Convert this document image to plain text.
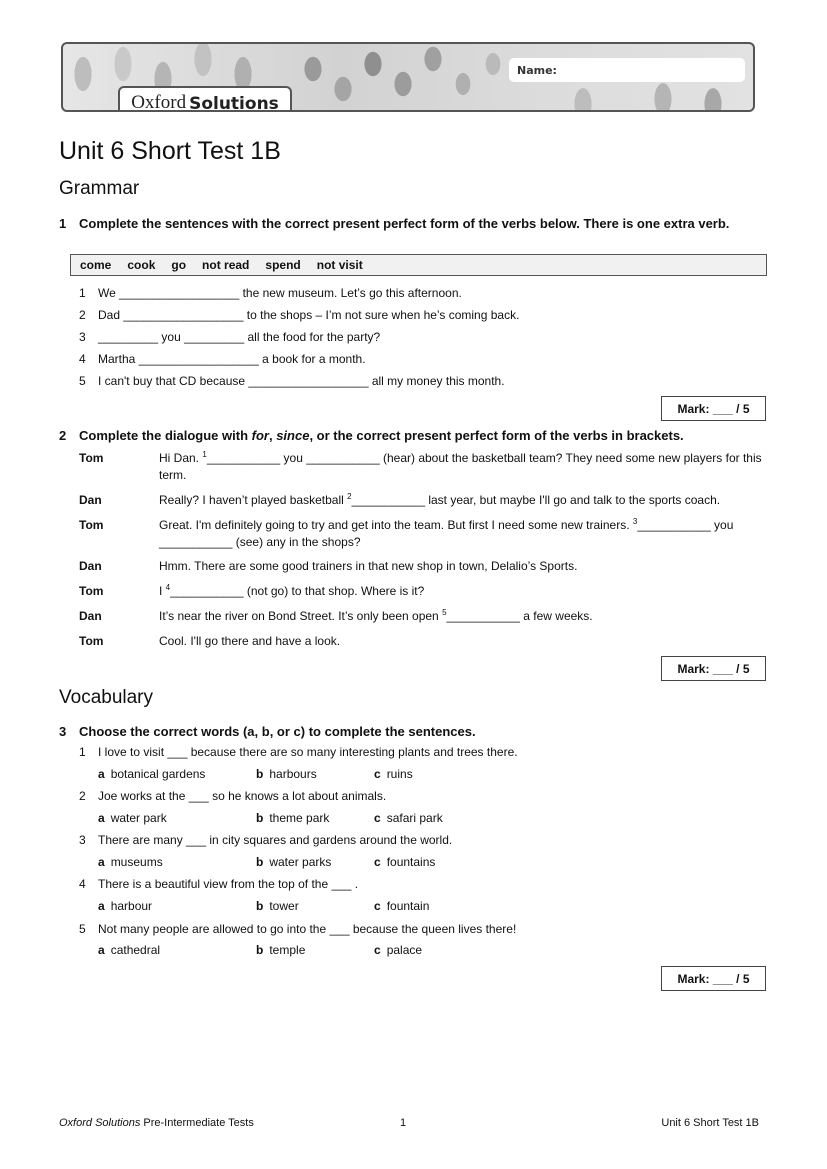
Oxford Solutions
Name:
Unit 6 Short Test 1B
Grammar
1 Complete the sentences with the correct present perfect form of the verbs below. There is one extra verb.
come cook go not read spend not visit
1 We __________________ the new museum. Let’s go this afternoon.
2 Dad __________________ to the shops – I’m not sure when he’s coming back.
3 _________ you _________ all the food for the party?
4 Martha __________________ a book for a month.
5 I can't buy that CD because __________________ all my money this month.
Mark: ___ / 5
2 Complete the dialogue with for, since, or the correct present perfect form of the verbs in brackets.
Tom	Hi Dan. $^1$___________ you ___________ (hear) about the basketball team? They need some new players for this term.
Dan	Really? I haven’t played basketball $^2$___________ last year, but maybe I'll go and talk to the sports coach.
Tom	Great. I'm definitely going to try and get into the team. But first I need some new trainers. $^3$___________ you ___________ (see) any in the shops?
Dan	Hmm. There are some good trainers in that new shop in town, Delalio’s Sports.
Tom	I $^4$___________ (not go) to that shop. Where is it?
Dan	It’s near the river on Bond Street. It’s only been open $^5$___________ a few weeks.
Tom	Cool. I'll go there and have a look.
Mark: ___ / 5
Vocabulary
3 Choose the correct words (a, b, or c) to complete the sentences.
1 I love to visit ___ because there are so many interesting plants and trees there.
a botanical gardens	b harbours	c ruins
2 Joe works at the ___ so he knows a lot about animals.
a water park	b theme park	c safari park
3 There are many ___ in city squares and gardens around the world.
a museums	b water parks	c fountains
4 There is a beautiful view from the top of the ___ .
a harbour	b tower	c fountain
5 Not many people are allowed to go into the ___ because the queen lives there!
a cathedral	b temple	c palace
Mark: ___ / 5
Oxford Solutions Pre-Intermediate Tests	1	Unit 6 Short Test 1B
